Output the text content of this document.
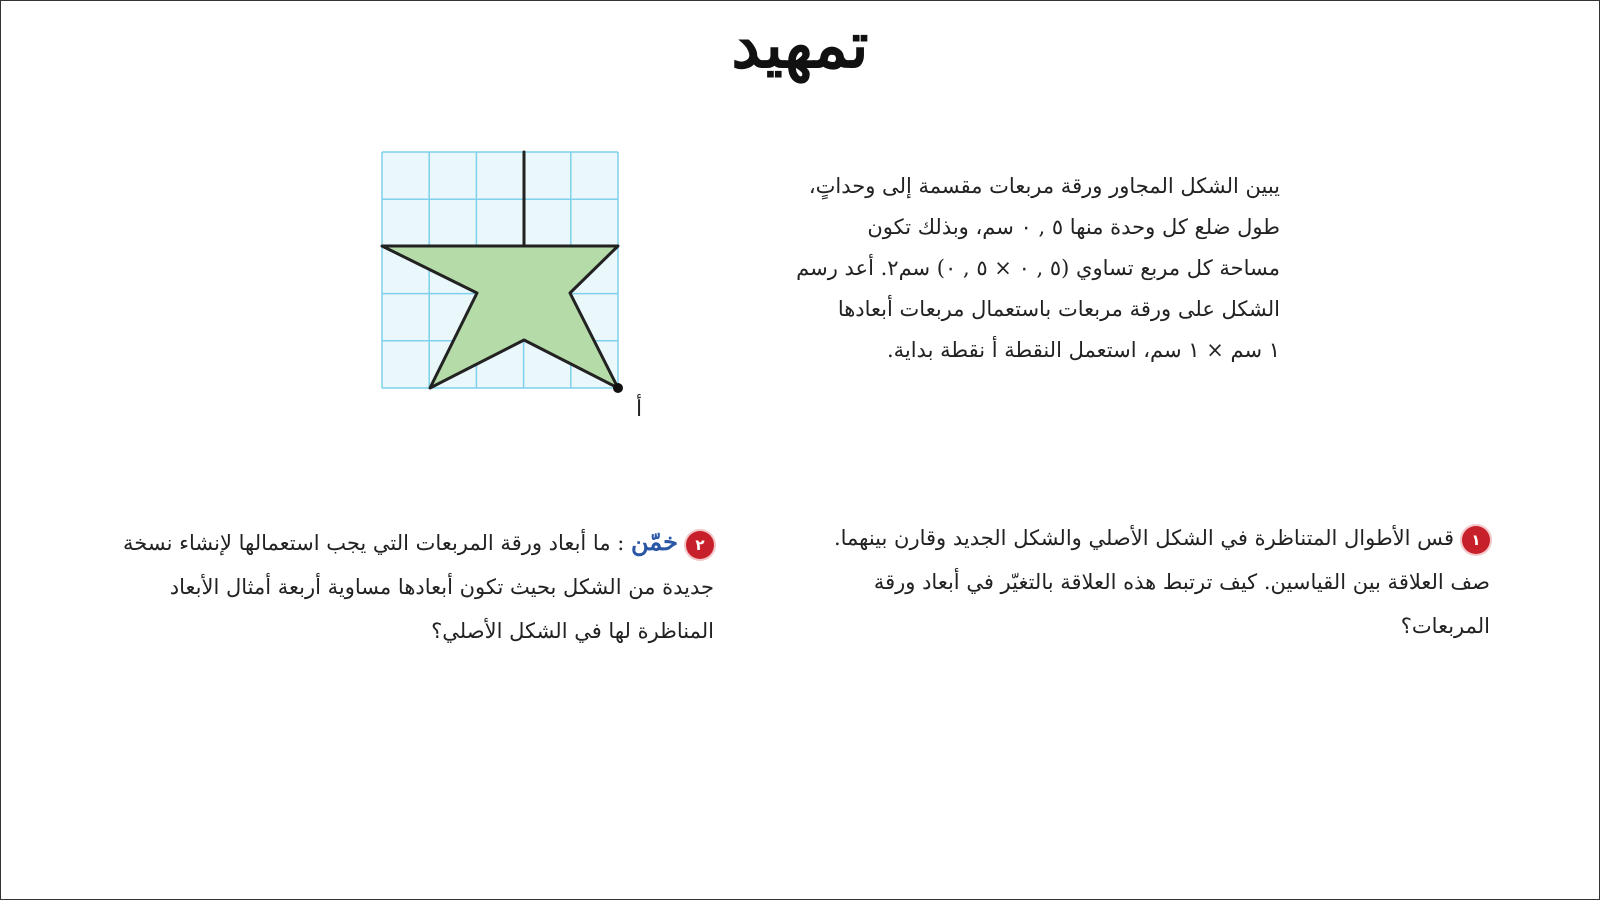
تمهيد
يبين الشكل المجاور ورقة مربعات مقسمة إلى وحداتٍ،
طول ضلع كل وحدة منها ٥ , ٠ سم، وبذلك تكون
مساحة كل مربع تساوي (٥ , ٠ × ٥ , ٠) سم٢. أعد رسم
الشكل على ورقة مربعات باستعمال مربعات أبعادها
١ سم × ١ سم، استعمل النقطة أ نقطة بداية.
أ
١قس الأطوال المتناظرة في الشكل الأصلي والشكل الجديد وقارن بينهما.
صف العلاقة بين القياسين. كيف ترتبط هذه العلاقة بالتغيّر في أبعاد ورقة
المربعات؟
٢خمّن : ما أبعاد ورقة المربعات التي يجب استعمالها لإنشاء نسخة
جديدة من الشكل بحيث تكون أبعادها مساوية أربعة أمثال الأبعاد
المناظرة لها في الشكل الأصلي؟
